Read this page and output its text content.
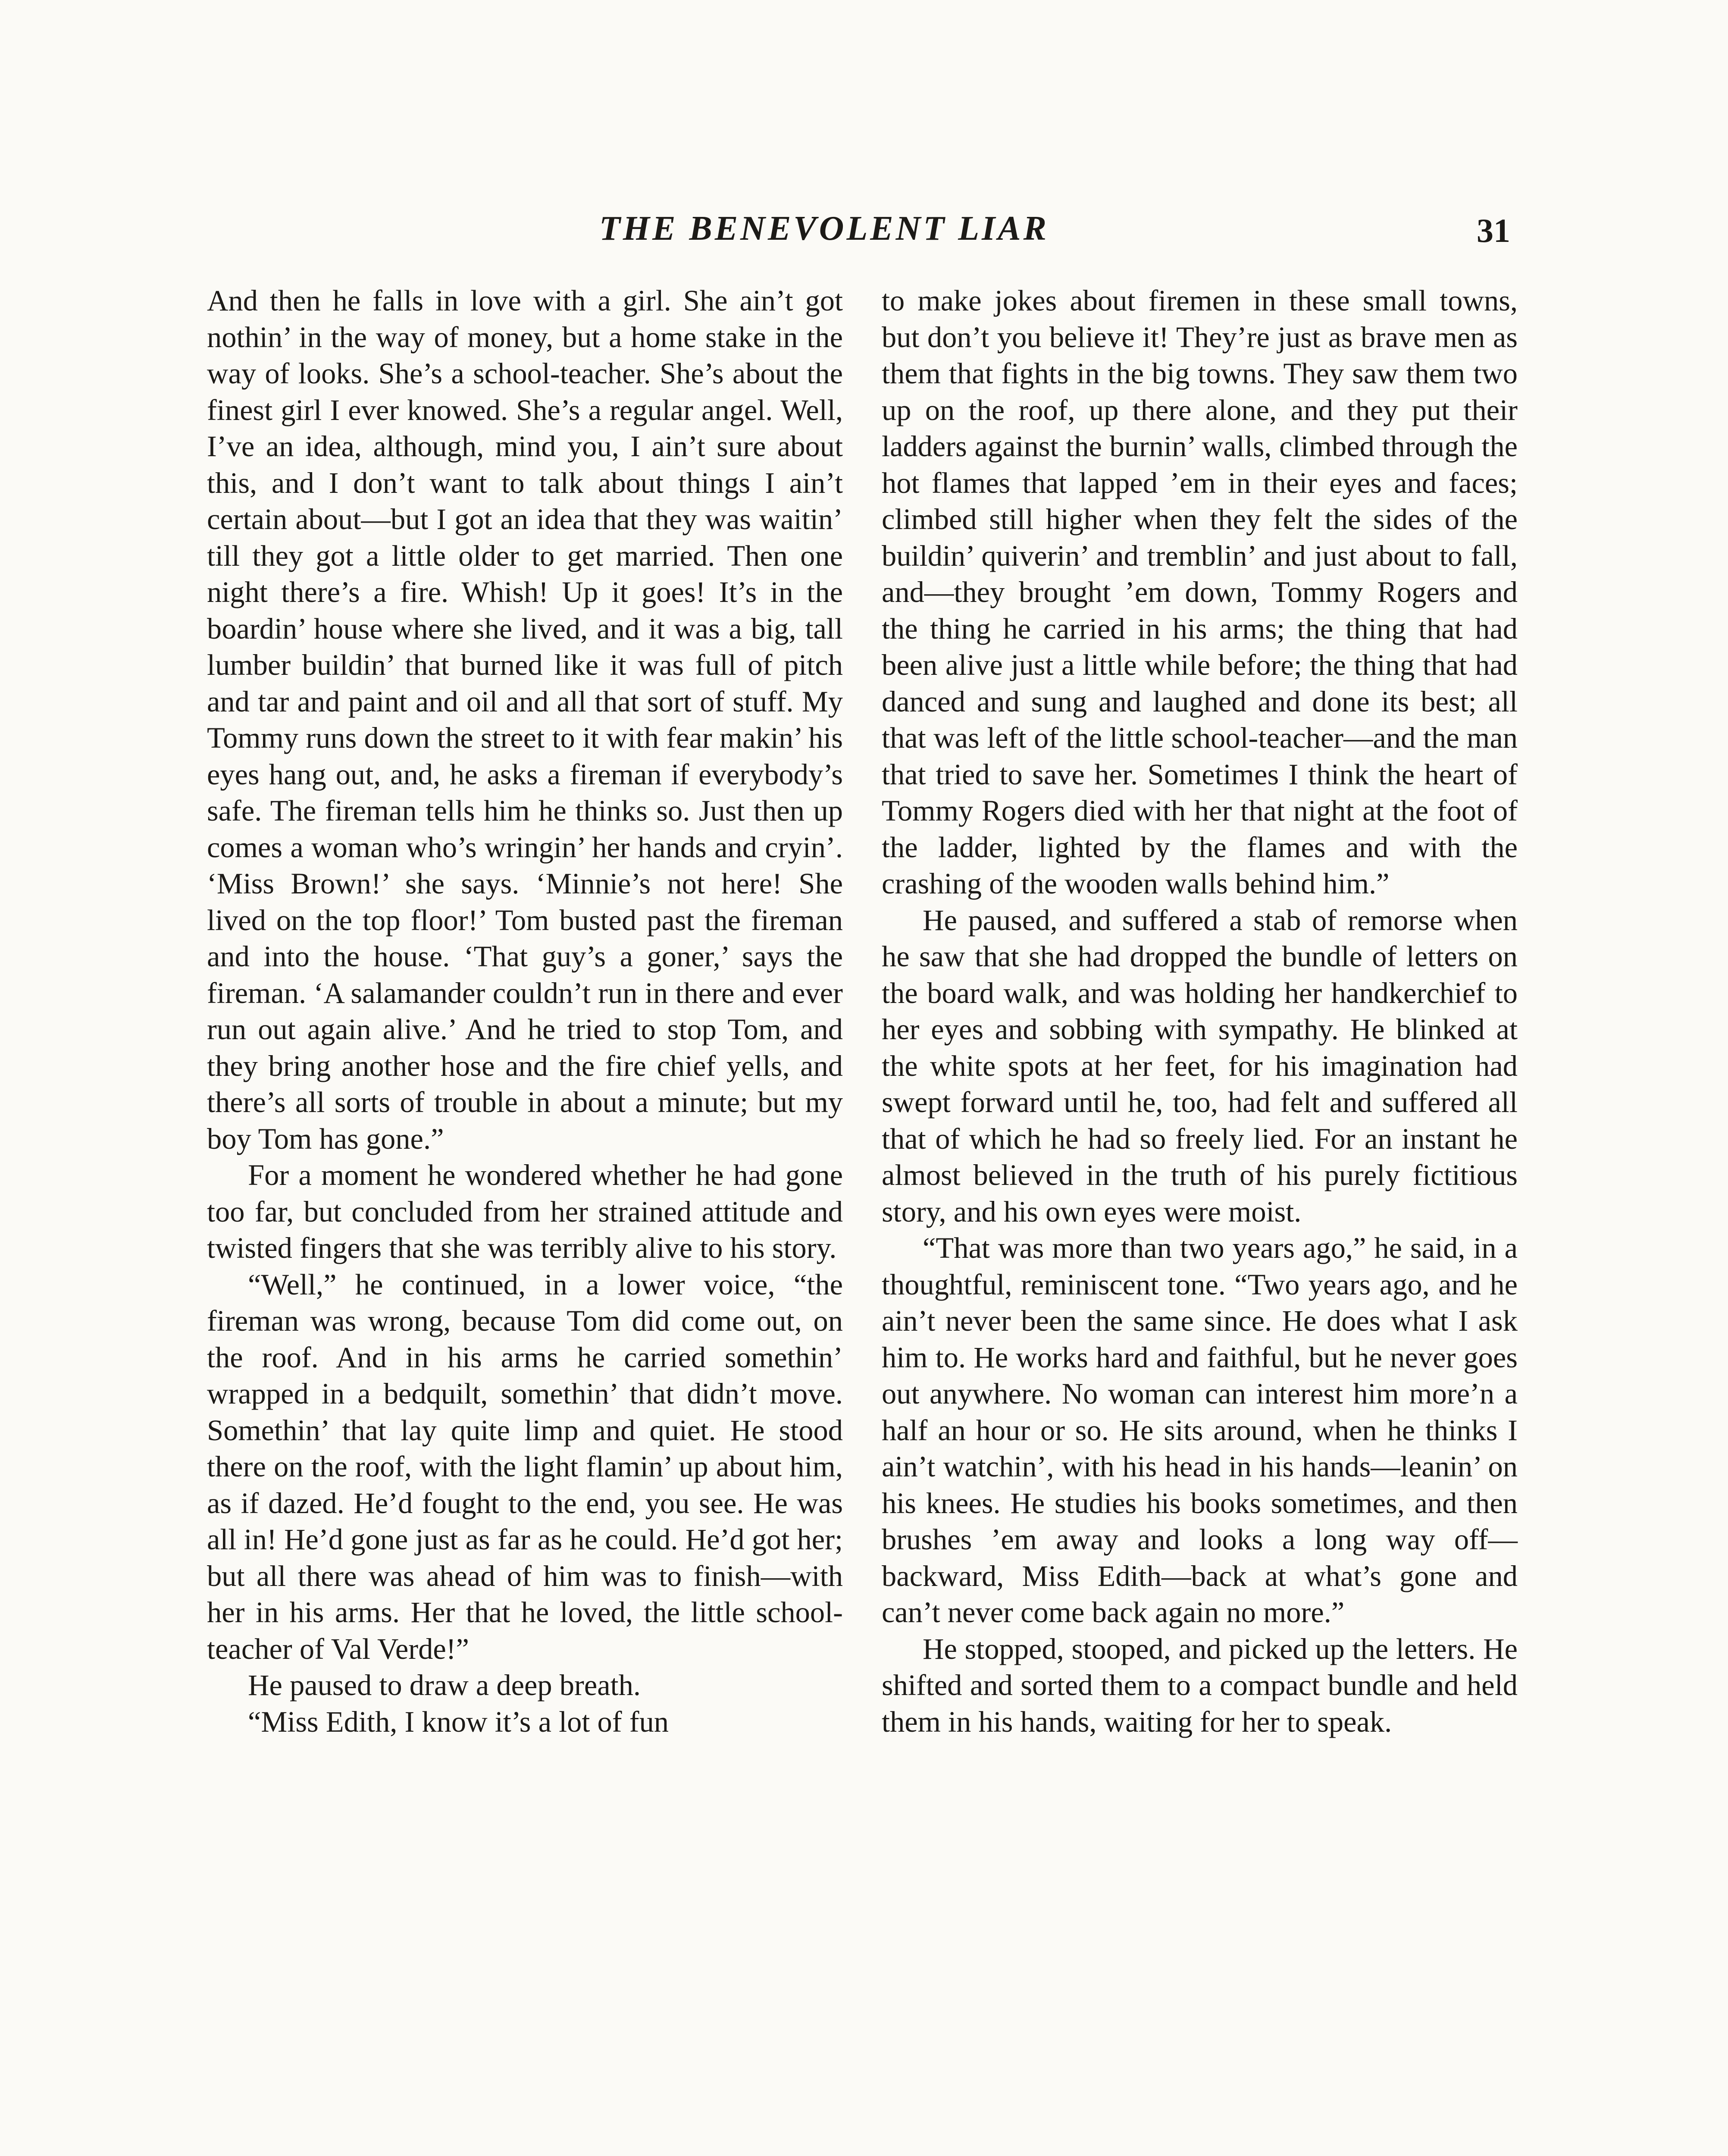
THE BENEVOLENT LIAR	31

And then he falls in love with a girl. She ain’t got nothin’ in the way of money, but a home stake in the way of looks. She’s a school-teacher. She’s about the finest girl I ever knowed. She’s a regular angel. Well, I’ve an idea, although, mind you, I ain’t sure about this, and I don’t want to talk about things I ain’t certain about—but I got an idea that they was waitin’ till they got a little older to get married. Then one night there’s a fire. Whish! Up it goes! It’s in the boardin’ house where she lived, and it was a big, tall lumber buildin’ that burned like it was full of pitch and tar and paint and oil and all that sort of stuff. My Tommy runs down the street to it with fear makin’ his eyes hang out, and, he asks a fireman if everybody’s safe. The fireman tells him he thinks so. Just then up comes a woman who’s wringin’ her hands and cryin’. ‘Miss Brown!’ she says. ‘Minnie’s not here! She lived on the top floor!’ Tom busted past the fireman and into the house. ‘That guy’s a goner,’ says the fireman. ‘A salamander couldn’t run in there and ever run out again alive.’ And he tried to stop Tom, and they bring another hose and the fire chief yells, and there’s all sorts of trouble in about a minute; but my boy Tom has gone.”

For a moment he wondered whether he had gone too far, but concluded from her strained attitude and twisted fingers that she was terribly alive to his story.

“Well,” he continued, in a lower voice, “the fireman was wrong, because Tom did come out, on the roof. And in his arms he carried somethin’ wrapped in a bedquilt, somethin’ that didn’t move. Somethin’ that lay quite limp and quiet. He stood there on the roof, with the light flamin’ up about him, as if dazed. He’d fought to the end, you see. He was all in! He’d gone just as far as he could. He’d got her; but all there was ahead of him was to finish—with her in his arms. Her that he loved, the little school-teacher of Val Verde!”

He paused to draw a deep breath.

“Miss Edith, I know it’s a lot of fun

to make jokes about firemen in these small towns, but don’t you believe it! They’re just as brave men as them that fights in the big towns. They saw them two up on the roof, up there alone, and they put their ladders against the burnin’ walls, climbed through the hot flames that lapped ’em in their eyes and faces; climbed still higher when they felt the sides of the buildin’ quiverin’ and tremblin’ and just about to fall, and—they brought ’em down, Tommy Rogers and the thing he carried in his arms; the thing that had been alive just a little while before; the thing that had danced and sung and laughed and done its best; all that was left of the little school-teacher—and the man that tried to save her. Sometimes I think the heart of Tommy Rogers died with her that night at the foot of the ladder, lighted by the flames and with the crashing of the wooden walls behind him.”

He paused, and suffered a stab of remorse when he saw that she had dropped the bundle of letters on the board walk, and was holding her handkerchief to her eyes and sobbing with sympathy. He blinked at the white spots at her feet, for his imagination had swept forward until he, too, had felt and suffered all that of which he had so freely lied. For an instant he almost believed in the truth of his purely fictitious story, and his own eyes were moist.

“That was more than two years ago,” he said, in a thoughtful, reminiscent tone. “Two years ago, and he ain’t never been the same since. He does what I ask him to. He works hard and faithful, but he never goes out anywhere. No woman can interest him more’n a half an hour or so. He sits around, when he thinks I ain’t watchin’, with his head in his hands—leanin’ on his knees. He studies his books sometimes, and then brushes ’em away and looks a long way off—backward, Miss Edith—back at what’s gone and can’t never come back again no more.”

He stopped, stooped, and picked up the letters. He shifted and sorted them to a compact bundle and held them in his hands, waiting for her to speak.
